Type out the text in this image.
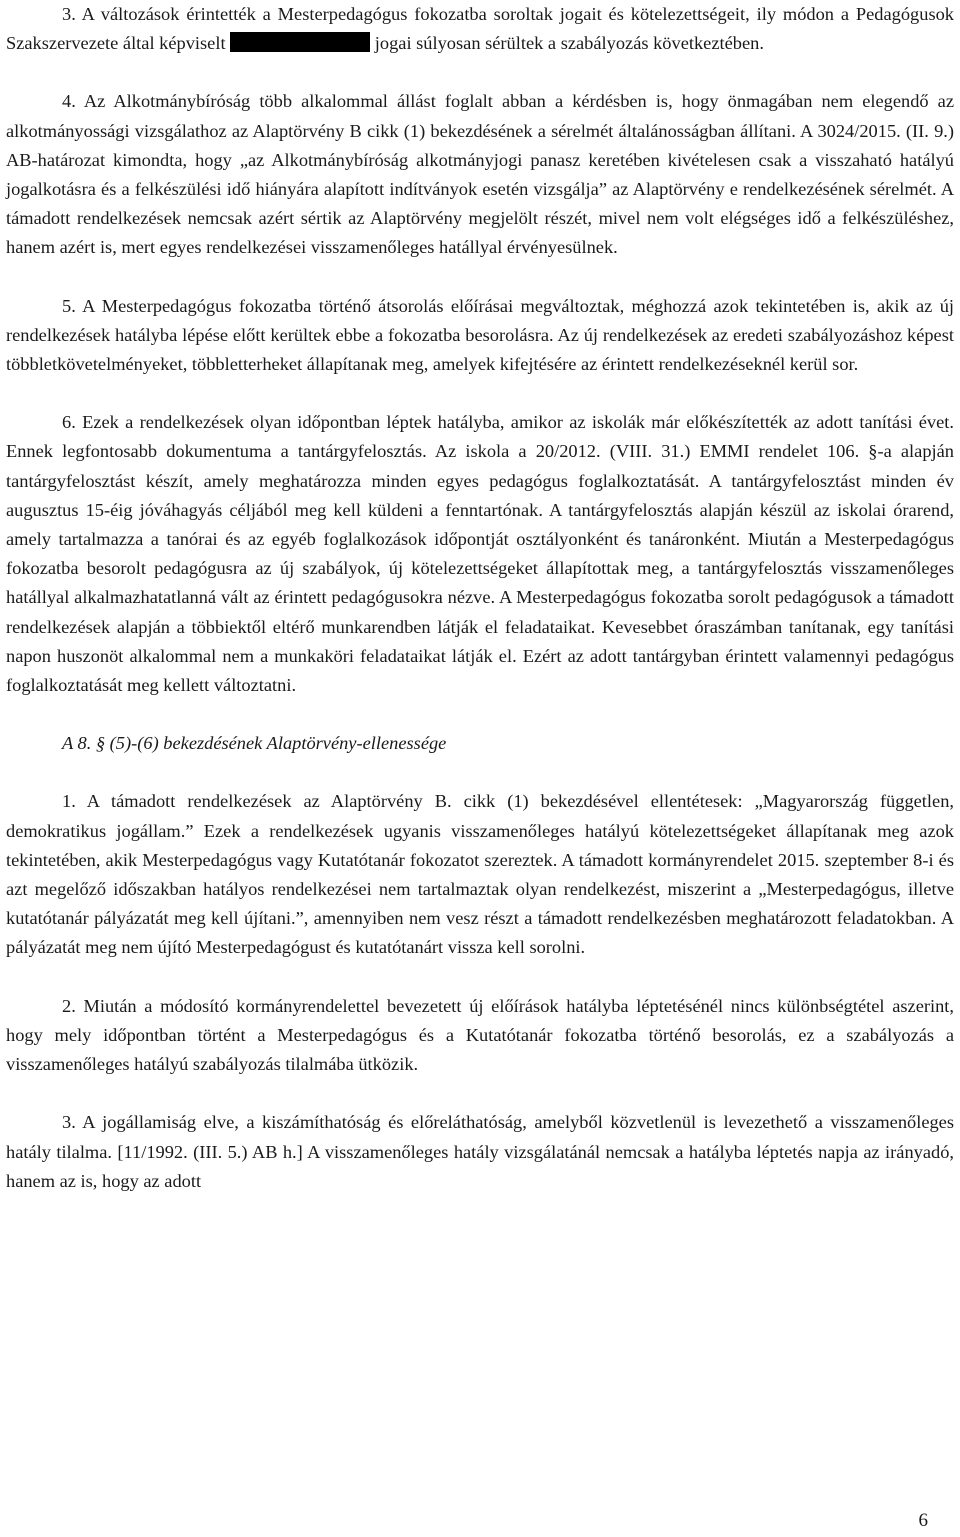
3. A változások érintették a Mesterpedagógus fokozatba soroltak jogait és kötelezettségeit, ily módon a Pedagógusok Szakszervezete által képviselt	jogai súlyosan sérültek a szabályozás következtében.

4. Az Alkotmánybíróság több alkalommal állást foglalt abban a kérdésben is, hogy önmagában nem elegendő az alkotmányossági vizsgálathoz az Alaptörvény B cikk (1) bekezdésének a sérelmét általánosságban állítani. A 3024/2015. (II. 9.) AB-határozat kimondta, hogy „az Alkotmánybíróság alkotmányjogi panasz keretében kivételesen csak a visszaható hatályú jogalkotásra és a felkészülési idő hiányára alapított indítványok esetén vizsgálja” az Alaptörvény e rendelkezésének sérelmét. A támadott rendelkezések nemcsak azért sértik az Alaptörvény megjelölt részét, mivel nem volt elégséges idő a felkészüléshez, hanem azért is, mert egyes rendelkezései visszamenőleges hatállyal érvényesülnek.

5. A Mesterpedagógus fokozatba történő átsorolás előírásai megváltoztak, méghozzá azok tekintetében is, akik az új rendelkezések hatályba lépése előtt kerültek ebbe a fokozatba besorolásra. Az új rendelkezések az eredeti szabályozáshoz képest többletkövetelményeket, többletterheket állapítanak meg, amelyek kifejtésére az érintett rendelkezéseknél kerül sor.

6. Ezek a rendelkezések olyan időpontban léptek hatályba, amikor az iskolák már előkészítették az adott tanítási évet. Ennek legfontosabb dokumentuma a tantárgyfelosztás. Az iskola a 20/2012. (VIII. 31.) EMMI rendelet 106. §-a alapján tantárgyfelosztást készít, amely meghatározza minden egyes pedagógus foglalkoztatását. A tantárgyfelosztást minden év augusztus 15-éig jóváhagyás céljából meg kell küldeni a fenntartónak. A tantárgyfelosztás alapján készül az iskolai órarend, amely tartalmazza a tanórai és az egyéb foglalkozások időpontját osztályonként és tanáronként. Miután a Mesterpedagógus fokozatba besorolt pedagógusra az új szabályok, új kötelezettségeket állapítottak meg, a tantárgyfelosztás visszamenőleges hatállyal alkalmazhatatlanná vált az érintett pedagógusokra nézve. A Mesterpedagógus fokozatba sorolt pedagógusok a támadott rendelkezések alapján a többiektől eltérő munkarendben látják el feladataikat. Kevesebbet óraszámban tanítanak, egy tanítási napon huszonöt alkalommal nem a munkaköri feladataikat látják el. Ezért az adott tantárgyban érintett valamennyi pedagógus foglalkoztatását meg kellett változtatni.

A 8. § (5)-(6) bekezdésének Alaptörvény-ellenessége

1. A támadott rendelkezések az Alaptörvény B. cikk (1) bekezdésével ellentétesek: „Magyarország független, demokratikus jogállam.” Ezek a rendelkezések ugyanis visszamenőleges hatályú kötelezettségeket állapítanak meg azok tekintetében, akik Mesterpedagógus vagy Kutatótanár fokozatot szereztek. A támadott kormányrendelet 2015. szeptember 8-i és azt megelőző időszakban hatályos rendelkezései nem tartalmaztak olyan rendelkezést, miszerint a „Mesterpedagógus, illetve kutatótanár pályázatát meg kell újítani.”, amennyiben nem vesz részt a támadott rendelkezésben meghatározott feladatokban. A pályázatát meg nem újító Mesterpedagógust és kutatótanárt vissza kell sorolni.

2. Miután a módosító kormányrendelettel bevezetett új előírások hatályba léptetésénél nincs különbségtétel aszerint, hogy mely időpontban történt a Mesterpedagógus és a Kutatótanár fokozatba történő besorolás, ez a szabályozás a visszamenőleges hatályú szabályozás tilalmába ütközik.

3. A jogállamiság elve, a kiszámíthatóság és előreláthatóság, amelyből közvetlenül is levezethető a visszamenőleges hatály tilalma. [11/1992. (III. 5.) AB h.] A visszamenőleges hatály vizsgálatánál nemcsak a hatályba léptetés napja az irányadó, hanem az is, hogy az adott

6
